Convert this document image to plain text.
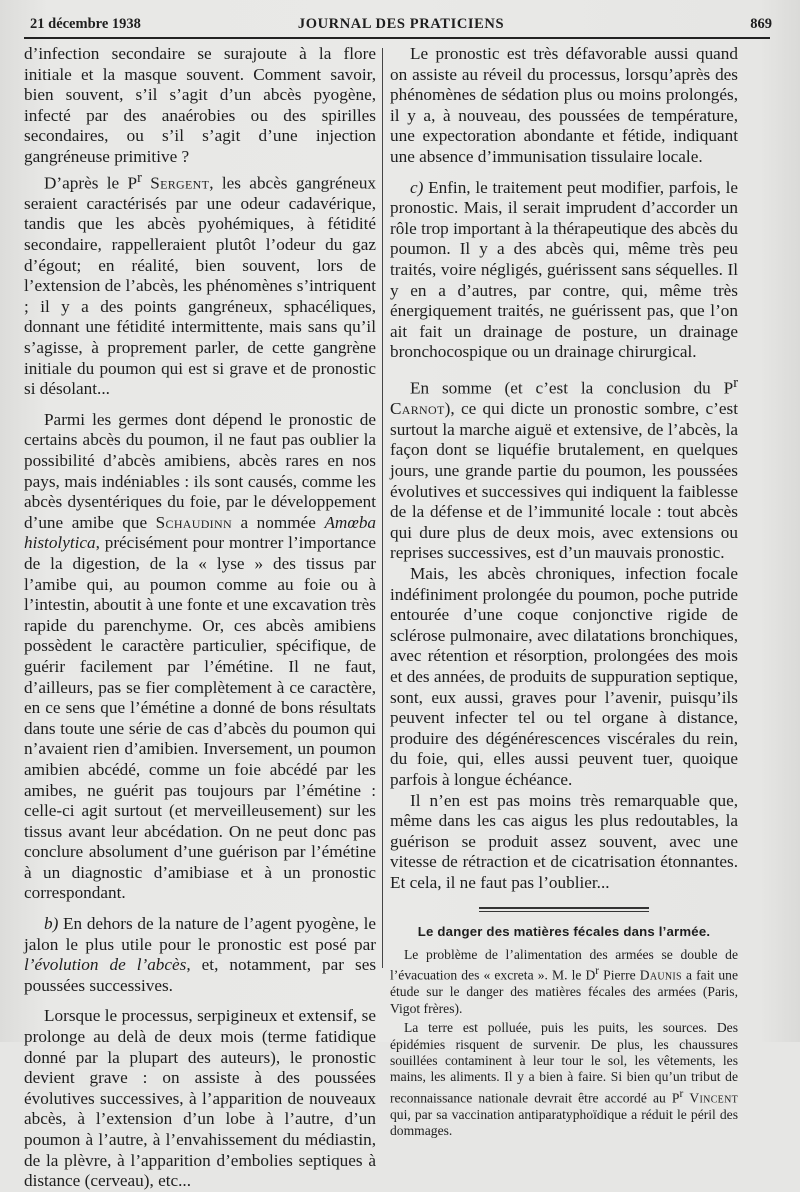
21 décembre 1938	JOURNAL DES PRATICIENS	869

d’infection secondaire se surajoute à la flore initiale et la masque souvent. Comment savoir, bien souvent, s’il s’agit d’un abcès pyogène, infecté par des anaérobies ou des spirilles secondaires, ou s’il s’agit d’une injection gangréneuse primitive ?

D’après le $P^r$ Sergent, les abcès gangréneux seraient caractérisés par une odeur cadavérique, tandis que les abcès pyohémiques, à fétidité secondaire, rappelleraient plutôt l’odeur du gaz d’égout; en réalité, bien souvent, lors de l’extension de l’abcès, les phénomènes s’intriquent ; il y a des points gangréneux, sphacéliques, donnant une fétidité intermittente, mais sans qu’il s’agisse, à proprement parler, de cette gangrène initiale du poumon qui est si grave et de pronostic si désolant...

Parmi les germes dont dépend le pronostic de certains abcès du poumon, il ne faut pas oublier la possibilité d’abcès amibiens, abcès rares en nos pays, mais indéniables : ils sont causés, comme les abcès dysentériques du foie, par le développement d’une amibe que Schaudinn a nommée Amœba histolytica, précisément pour montrer l’importance de la digestion, de la « lyse » des tissus par l’amibe qui, au poumon comme au foie ou à l’intestin, aboutit à une fonte et une excavation très rapide du parenchyme. Or, ces abcès amibiens possèdent le caractère particulier, spécifique, de guérir facilement par l’émétine. Il ne faut, d’ailleurs, pas se fier complètement à ce caractère, en ce sens que l’émétine a donné de bons résultats dans toute une série de cas d’abcès du poumon qui n’avaient rien d’amibien. Inversement, un poumon amibien abcédé, comme un foie abcédé par les amibes, ne guérit pas toujours par l’émétine : celle-ci agit surtout (et merveilleusement) sur les tissus avant leur abcédation. On ne peut donc pas conclure absolument d’une guérison par l’émétine à un diagnostic d’amibiase et à un pronostic correspondant.

b) En dehors de la nature de l’agent pyogène, le jalon le plus utile pour le pronostic est posé par l’évolution de l’abcès, et, notamment, par ses poussées successives.

Lorsque le processus, serpigineux et extensif, se prolonge au delà de deux mois (terme fatidique donné par la plupart des auteurs), le pronostic devient grave : on assiste à des poussées évolutives successives, à l’apparition de nouveaux abcès, à l’extension d’un lobe à l’autre, d’un poumon à l’autre, à l’envahissement du médiastin, de la plèvre, à l’apparition d’embolies septiques à distance (cerveau), etc...

Le pronostic est très défavorable aussi quand on assiste au réveil du processus, lorsqu’après des phénomènes de sédation plus ou moins prolongés, il y a, à nouveau, des poussées de température, une expectoration abondante et fétide, indiquant une absence d’immunisation tissulaire locale.

c) Enfin, le traitement peut modifier, parfois, le pronostic. Mais, il serait imprudent d’accorder un rôle trop important à la thérapeutique des abcès du poumon. Il y a des abcès qui, même très peu traités, voire négligés, guérissent sans séquelles. Il y en a d’autres, par contre, qui, même très énergiquement traités, ne guérissent pas, que l’on ait fait un drainage de posture, un drainage bronchocospique ou un drainage chirurgical.

En somme (et c’est la conclusion du $P^r$ Carnot), ce qui dicte un pronostic sombre, c’est surtout la marche aiguë et extensive, de l’abcès, la façon dont se liquéfie brutalement, en quelques jours, une grande partie du poumon, les poussées évolutives et successives qui indiquent la faiblesse de la défense et de l’immunité locale : tout abcès qui dure plus de deux mois, avec extensions ou reprises successives, est d’un mauvais pronostic.

Mais, les abcès chroniques, infection focale indéfiniment prolongée du poumon, poche putride entourée d’une coque conjonctive rigide de sclérose pulmonaire, avec dilatations bronchiques, avec rétention et résorption, prolongées des mois et des années, de produits de suppuration septique, sont, eux aussi, graves pour l’avenir, puisqu’ils peuvent infecter tel ou tel organe à distance, produire des dégénérescences viscérales du rein, du foie, qui, elles aussi peuvent tuer, quoique parfois à longue échéance.

Il n’en est pas moins très remarquable que, même dans les cas aigus les plus redoutables, la guérison se produit assez souvent, avec une vitesse de rétraction et de cicatrisation étonnantes. Et cela, il ne faut pas l’oublier...

Le danger des matières fécales dans l’armée.

Le problème de l’alimentation des armées se double de l’évacuation des « excreta ». M. le $D^r$ Pierre Daunis a fait une étude sur le danger des matières fécales des armées (Paris, Vigot frères).

La terre est polluée, puis les puits, les sources. Des épidémies risquent de survenir. De plus, les chaussures souillées contaminent à leur tour le sol, les vêtements, les mains, les aliments. Il y a bien à faire. Si bien qu’un tribut de reconnaissance nationale devrait être accordé au $P^r$ Vincent qui, par sa vaccination antiparatyphoïdique a réduit le péril des dommages.
